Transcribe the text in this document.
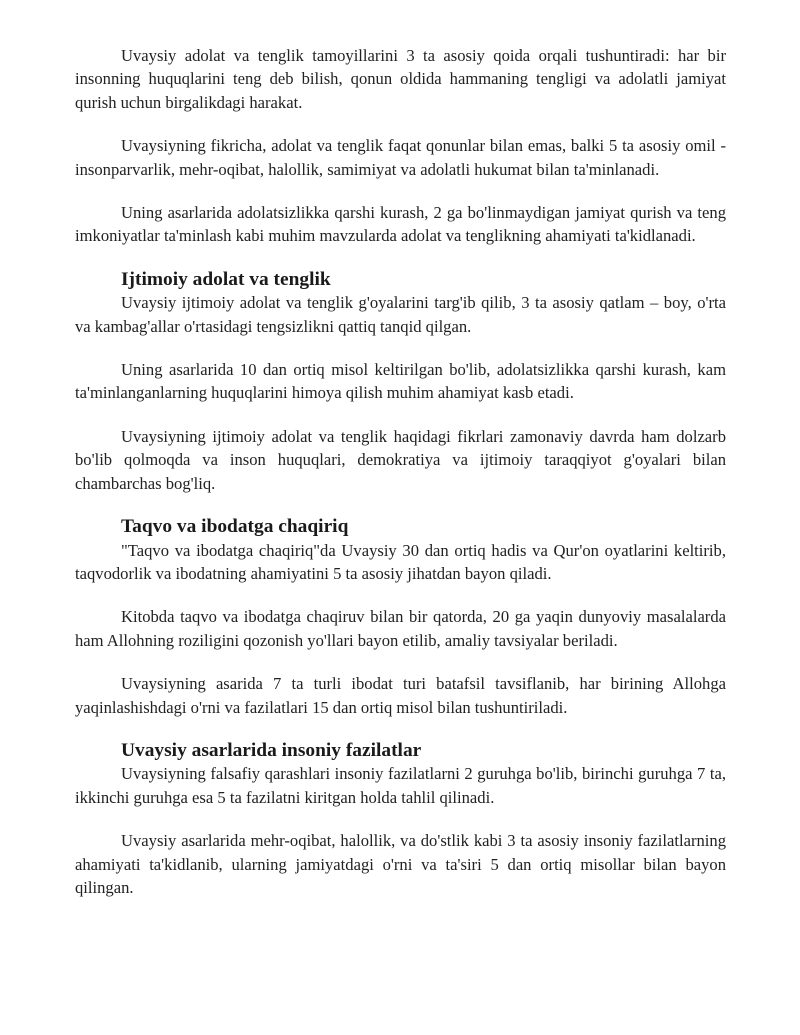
Uvaysiy adolat va tenglik tamoyillarini 3 ta asosiy qoida orqali tushuntiradi: har bir insonning huquqlarini teng deb bilish, qonun oldida hammaning tengligi va adolatli jamiyat qurish uchun birgalikdagi harakat.

Uvaysiyning fikricha, adolat va tenglik faqat qonunlar bilan emas, balki 5 ta asosiy omil - insonparvarlik, mehr-oqibat, halollik, samimiyat va adolatli hukumat bilan ta'minlanadi.

Uning asarlarida adolatsizlikka qarshi kurash, 2 ga bo'linmaydigan jamiyat qurish va teng imkoniyatlar ta'minlash kabi muhim mavzularda adolat va tenglikning ahamiyati ta'kidlanadi.

Ijtimoiy adolat va tenglik

Uvaysiy ijtimoiy adolat va tenglik g'oyalarini targ'ib qilib, 3 ta asosiy qatlam – boy, o'rta va kambag'allar o'rtasidagi tengsizlikni qattiq tanqid qilgan.

Uning asarlarida 10 dan ortiq misol keltirilgan bo'lib, adolatsizlikka qarshi kurash, kam ta'minlanganlarning huquqlarini himoya qilish muhim ahamiyat kasb etadi.

Uvaysiyning ijtimoiy adolat va tenglik haqidagi fikrlari zamonaviy davrda ham dolzarb bo'lib qolmoqda va inson huquqlari, demokratiya va ijtimoiy taraqqiyot g'oyalari bilan chambarchas bog'liq.

Taqvo va ibodatga chaqiriq

"Taqvo va ibodatga chaqiriq"da Uvaysiy 30 dan ortiq hadis va Qur'on oyatlarini keltirib, taqvodorlik va ibodatning ahamiyatini 5 ta asosiy jihatdan bayon qiladi.

Kitobda taqvo va ibodatga chaqiruv bilan bir qatorda, 20 ga yaqin dunyoviy masalalarda ham Allohning roziligini qozonish yo'llari bayon etilib, amaliy tavsiyalar beriladi.

Uvaysiyning asarida 7 ta turli ibodat turi batafsil tavsiflanib, har birining Allohga yaqinlashishdagi o'rni va fazilatlari 15 dan ortiq misol bilan tushuntiriladi.

Uvaysiy asarlarida insoniy fazilatlar

Uvaysiyning falsafiy qarashlari insoniy fazilatlarni 2 guruhga bo'lib, birinchi guruhga 7 ta, ikkinchi guruhga esa 5 ta fazilatni kiritgan holda tahlil qilinadi.

Uvaysiy asarlarida mehr-oqibat, halollik, va do'stlik kabi 3 ta asosiy insoniy fazilatlarning ahamiyati ta'kidlanib, ularning jamiyatdagi o'rni va ta'siri 5 dan ortiq misollar bilan bayon qilingan.
